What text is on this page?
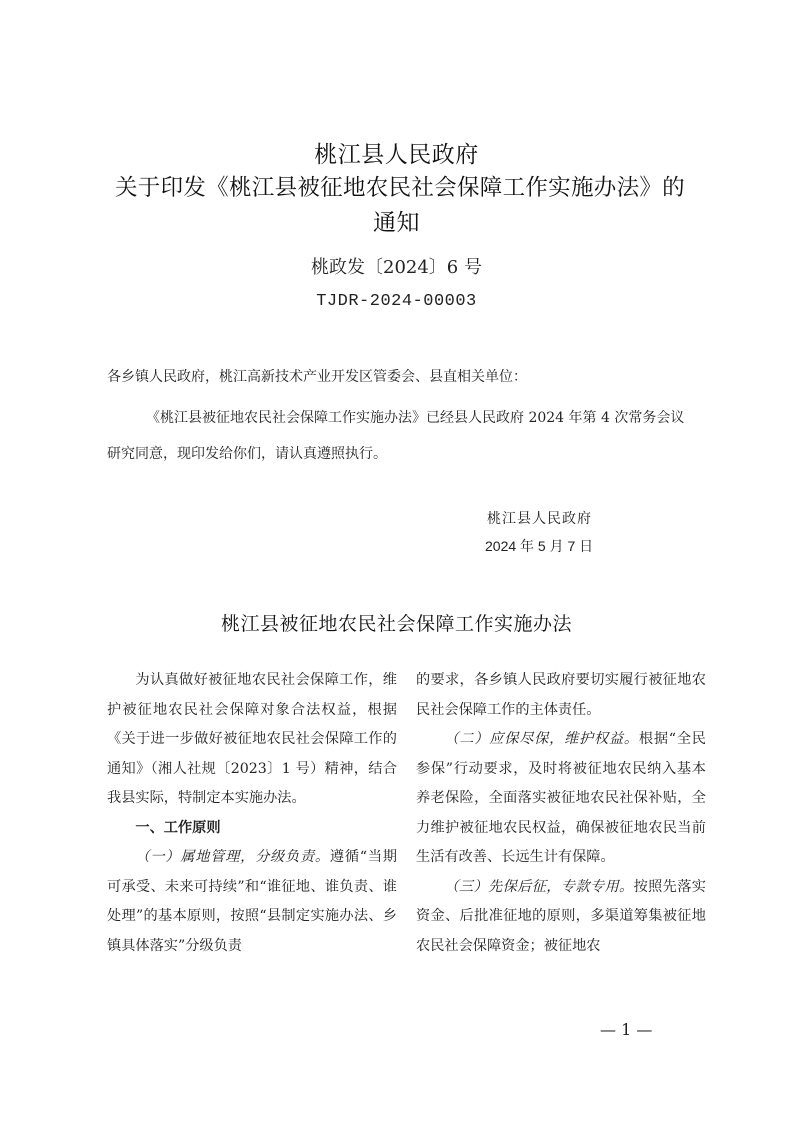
桃江县人民政府
关于印发《桃江县被征地农民社会保障工作实施办法》的
通知
桃政发〔2024〕6 号
TJDR-2024-00003
各乡镇人民政府，桃江高新技术产业开发区管委会、县直相关单位：

《桃江县被征地农民社会保障工作实施办法》已经县人民政府 2024 年第 4 次常务会议研究同意，现印发给你们，请认真遵照执行。

桃江县人民政府
2024 年 5 月 7 日
桃江县被征地农民社会保障工作实施办法

为认真做好被征地农民社会保障工作，维护被征地农民社会保障对象合法权益，根据《关于进一步做好被征地农民社会保障工作的通知》（湘人社规〔2023〕1 号）精神，结合我县实际，特制定本实施办法。

一、工作原则

（一）属地管理，分级负责。遵循“当期可承受、未来可持续”和“谁征地、谁负责、谁处理”的基本原则，按照“县制定实施办法、乡镇具体落实”分级负责

的要求，各乡镇人民政府要切实履行被征地农民社会保障工作的主体责任。

（二）应保尽保，维护权益。根据“全民参保”行动要求，及时将被征地农民纳入基本养老保险，全面落实被征地农民社保补贴，全力维护被征地农民权益，确保被征地农民当前生活有改善、长远生计有保障。

（三）先保后征，专款专用。按照先落实资金、后批准征地的原则，多渠道筹集被征地农民社会保障资金；被征地农

— 1 —
